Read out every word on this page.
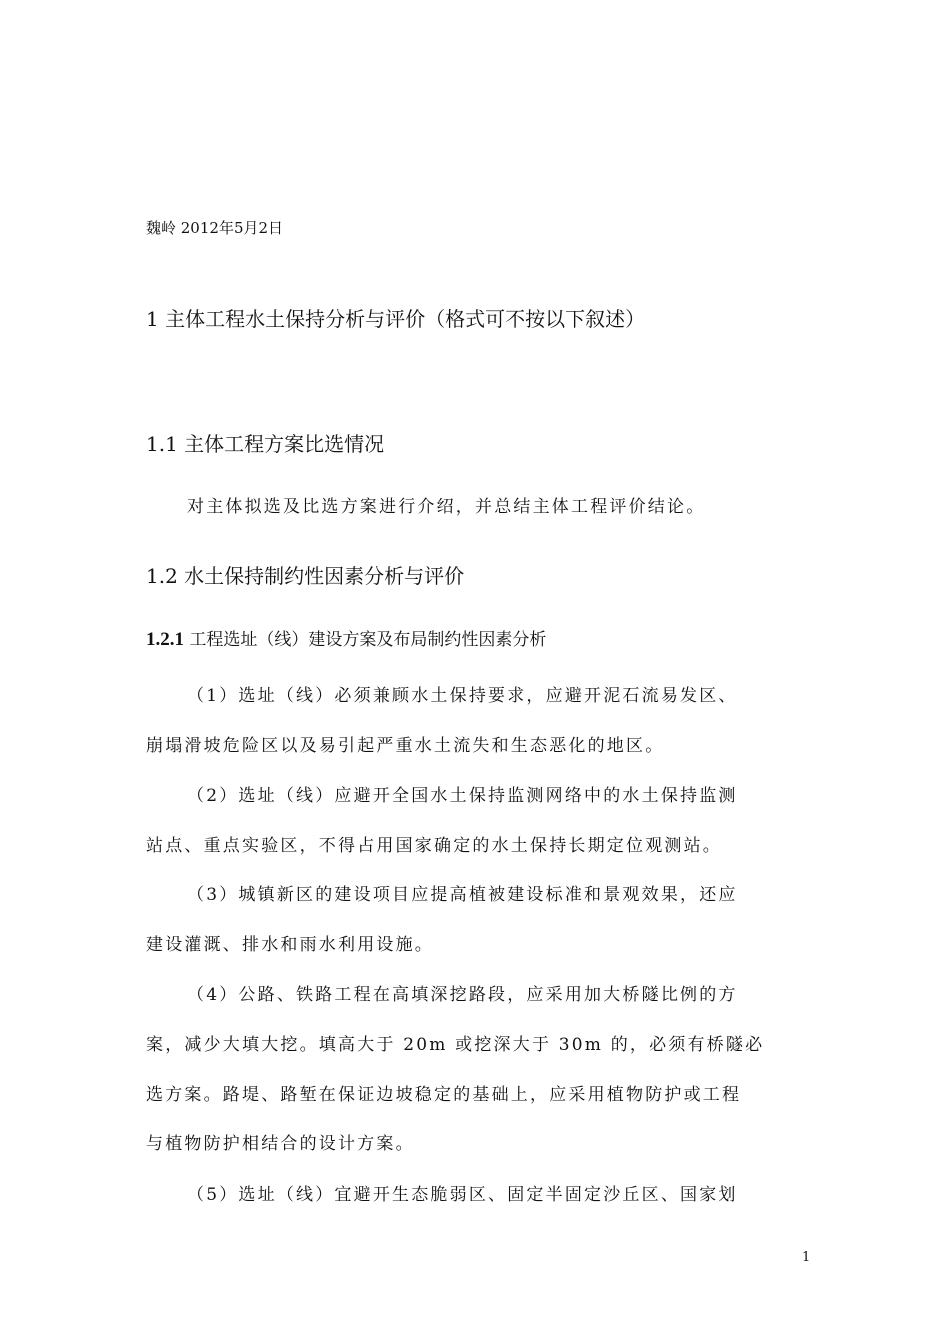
魏岭 2012年5月2日
1 主体工程水土保持分析与评价（格式可不按以下叙述）
1.1 主体工程方案比选情况
对主体拟选及比选方案进行介绍，并总结主体工程评价结论。
1.2 水土保持制约性因素分析与评价
1.2.1 工程选址（线）建设方案及布局制约性因素分析
（1）选址（线）必须兼顾水土保持要求，应避开泥石流易发区、
崩塌滑坡危险区以及易引起严重水土流失和生态恶化的地区。
（2）选址（线）应避开全国水土保持监测网络中的水土保持监测
站点、重点实验区，不得占用国家确定的水土保持长期定位观测站。
（3）城镇新区的建设项目应提高植被建设标准和景观效果，还应
建设灌溉、排水和雨水利用设施。
（4）公路、铁路工程在高填深挖路段，应采用加大桥隧比例的方
案，减少大填大挖。填高大于 20m 或挖深大于 30m 的，必须有桥隧必
选方案。路堤、路堑在保证边坡稳定的基础上，应采用植物防护或工程
与植物防护相结合的设计方案。
（5）选址（线）宜避开生态脆弱区、固定半固定沙丘区、国家划
1
